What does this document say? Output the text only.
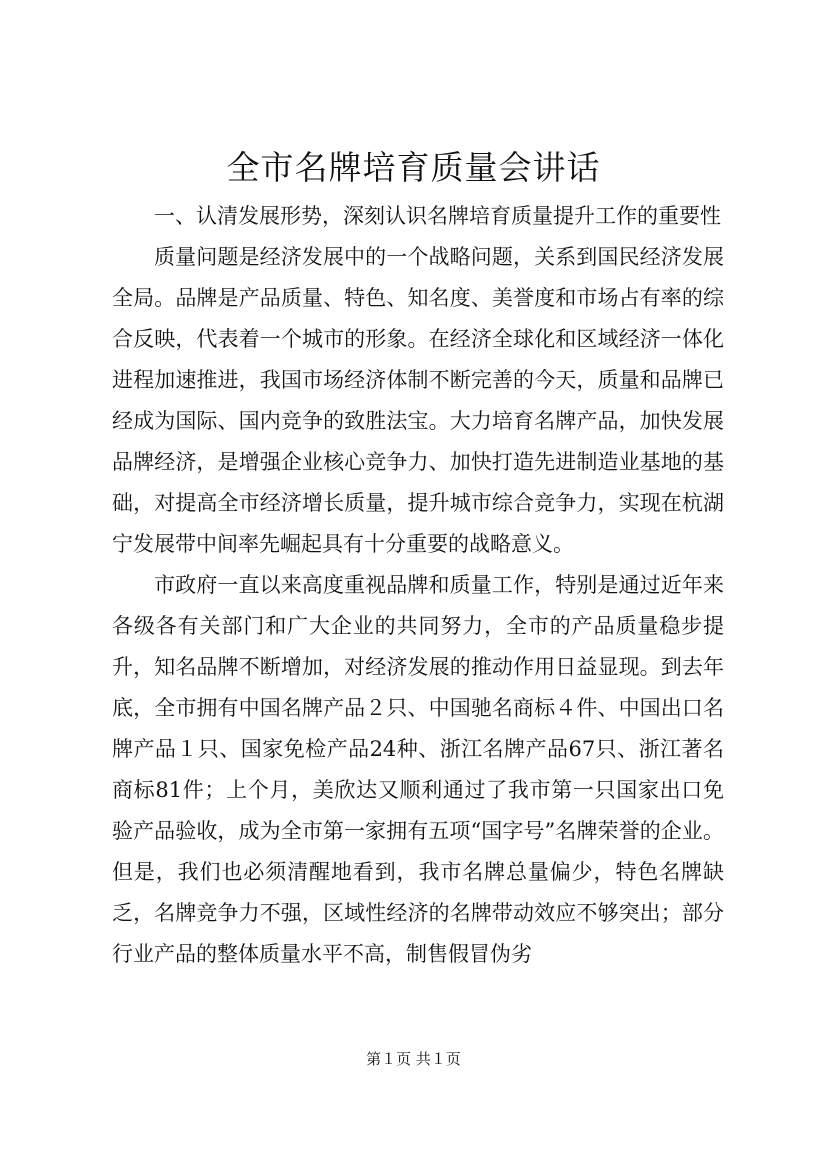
全市名牌培育质量会讲话

一、认清发展形势，深刻认识名牌培育质量提升工作的重要性

质量问题是经济发展中的一个战略问题，关系到国民经济发展全局。品牌是产品质量、特色、知名度、美誉度和市场占有率的综合反映，代表着一个城市的形象。在经济全球化和区域经济一体化进程加速推进，我国市场经济体制不断完善的今天，质量和品牌已经成为国际、国内竞争的致胜法宝。大力培育名牌产品，加快发展品牌经济，是增强企业核心竞争力、加快打造先进制造业基地的基础，对提高全市经济增长质量，提升城市综合竞争力，实现在杭湖宁发展带中间率先崛起具有十分重要的战略意义。

市政府一直以来高度重视品牌和质量工作，特别是通过近年来各级各有关部门和广大企业的共同努力，全市的产品质量稳步提升，知名品牌不断增加，对经济发展的推动作用日益显现。到去年底，全市拥有中国名牌产品２只、中国驰名商标４件、中国出口名牌产品１只、国家免检产品24种、浙江名牌产品67只、浙江著名商标81件；上个月，美欣达又顺利通过了我市第一只国家出口免验产品验收，成为全市第一家拥有五项“国字号”名牌荣誉的企业。但是，我们也必须清醒地看到，我市名牌总量偏少，特色名牌缺乏，名牌竞争力不强，区域性经济的名牌带动效应不够突出；部分行业产品的整体质量水平不高，制售假冒伪劣

第１页 共１页
